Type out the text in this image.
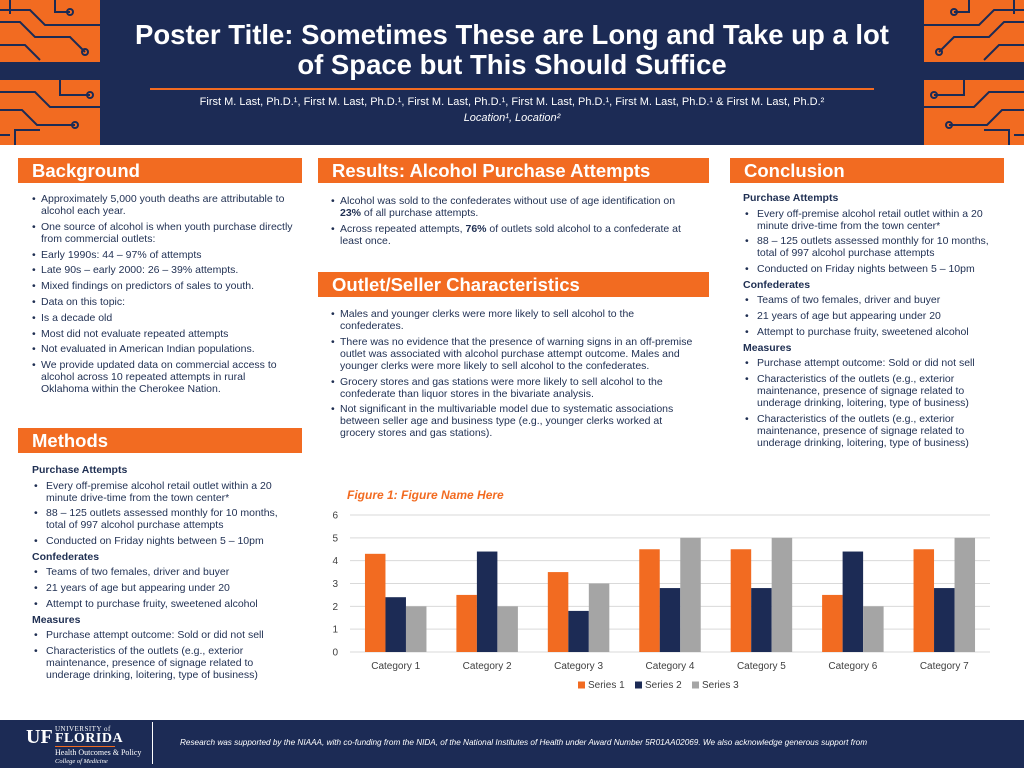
Poster Title: Sometimes These are Long and Take up a lot of Space but This Should Suffice
First M. Last, Ph.D.¹, First M. Last, Ph.D.¹, First M. Last, Ph.D.¹, First M. Last, Ph.D.¹, First M. Last, Ph.D.¹ & First M. Last, Ph.D.²
Location¹, Location²
Background
• Approximately 5,000 youth deaths are attributable to alcohol each year.
• One source of alcohol is when youth purchase directly from commercial outlets:
• Early 1990s: 44 – 97% of attempts
• Late 90s – early 2000: 26 – 39% attempts.
• Mixed findings on predictors of sales to youth.
• Data on this topic:
• Is a decade old
• Most did not evaluate repeated attempts
• Not evaluated in American Indian populations.
• We provide updated data on commercial access to alcohol across 10 repeated attempts in rural Oklahoma within the Cherokee Nation.
Methods
Purchase Attempts
• Every off-premise alcohol retail outlet within a 20 minute drive-time from the town center*
• 88 – 125 outlets assessed monthly for 10 months, total of 997 alcohol purchase attempts
• Conducted on Friday nights between 5 – 10pm
Confederates
• Teams of two females, driver and buyer
• 21 years of age but appearing under 20
• Attempt to purchase fruity, sweetened alcohol
Measures
• Purchase attempt outcome: Sold or did not sell
• Characteristics of the outlets (e.g., exterior maintenance, presence of signage related to underage drinking, loitering, type of business)
Results: Alcohol Purchase Attempts
• Alcohol was sold to the confederates without use of age identification on 23% of all purchase attempts.
• Across repeated attempts, 76% of outlets sold alcohol to a confederate at least once.
Outlet/Seller Characteristics
• Males and younger clerks were more likely to sell alcohol to the confederates.
• There was no evidence that the presence of warning signs in an off-premise outlet was associated with alcohol purchase attempt outcome. Males and younger clerks were more likely to sell alcohol to the confederates.
• Grocery stores and gas stations were more likely to sell alcohol to the confederate than liquor stores in the bivariate analysis.
• Not significant in the multivariable model due to systematic associations between seller age and business type (e.g., younger clerks worked at grocery stores and gas stations).
Conclusion
Purchase Attempts
• Every off-premise alcohol retail outlet within a 20 minute drive-time from the town center*
• 88 – 125 outlets assessed monthly for 10 months, total of 997 alcohol purchase attempts
• Conducted on Friday nights between 5 – 10pm
Confederates
• Teams of two females, driver and buyer
• 21 years of age but appearing under 20
• Attempt to purchase fruity, sweetened alcohol
Measures
• Purchase attempt outcome: Sold or did not sell
• Characteristics of the outlets (e.g., exterior maintenance, presence of signage related to underage drinking, loitering, type of business)
• Characteristics of the outlets (e.g., exterior maintenance, presence of signage related to underage drinking, loitering, type of business)
Figure 1: Figure Name Here
0
1
2
3
4
5
6
Category 1	Category 2	Category 3	Category 4	Category 5	Category 6	Category 7
Series 1 Series 2 Series 3
UF UNIVERSITY of
FLORIDA
Health Outcomes & Policy
College of Medicine
Research was supported by the NIAAA, with co-funding from the NIDA, of the National Institutes of Health under Award Number 5R01AA02069. We also acknowledge generous support from
